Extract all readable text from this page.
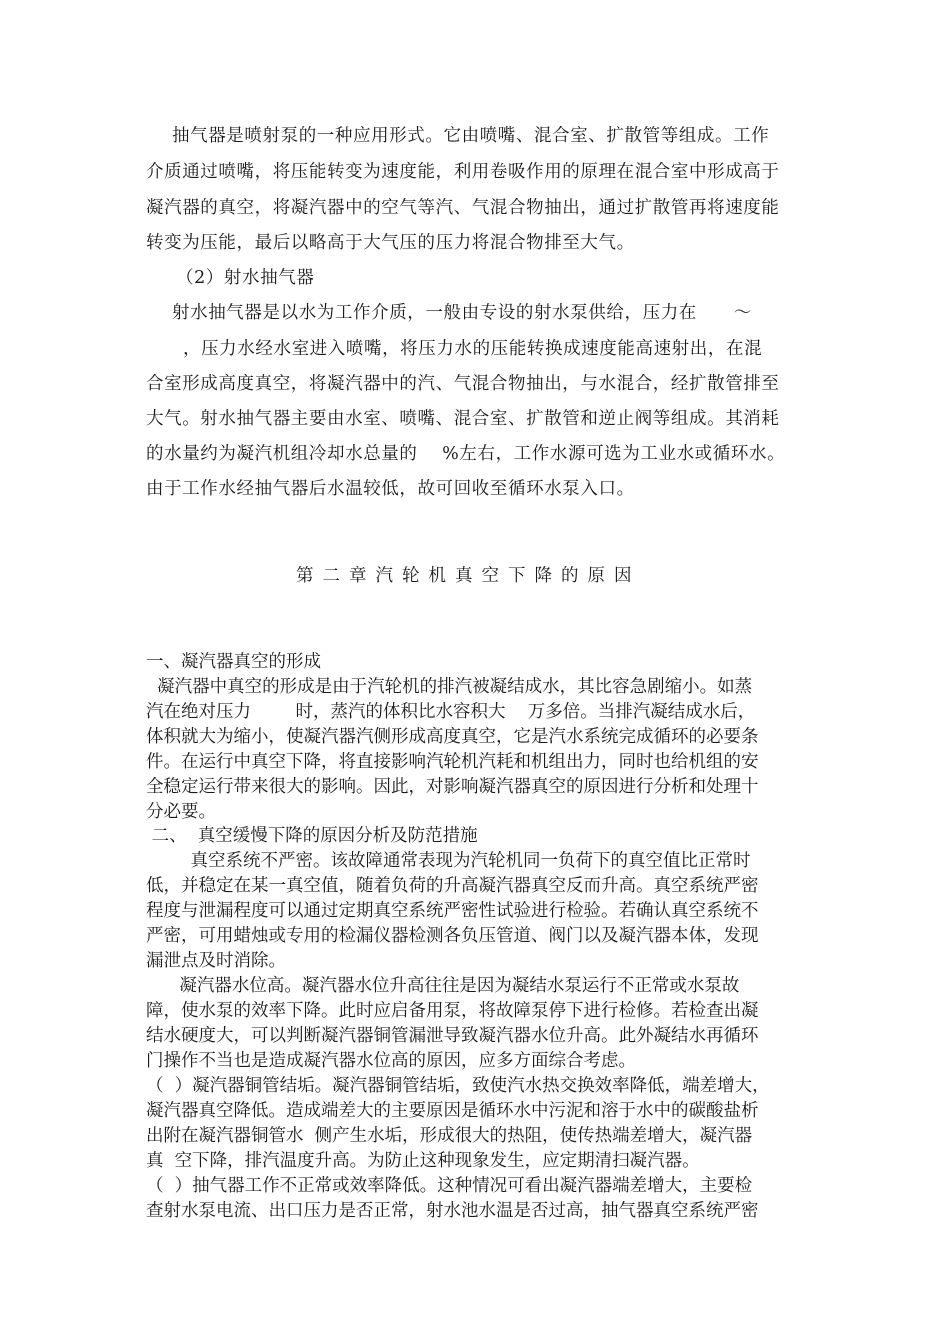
抽气器是喷射泵的一种应用形式。它由喷嘴、混合室、扩散管等组成。工作
介质通过喷嘴，将压能转变为速度能，利用卷吸作用的原理在混合室中形成高于
凝汽器的真空，将凝汽器中的空气等汽、气混合物抽出，通过扩散管再将速度能
转变为压能，最后以略高于大气压的压力将混合物排至大气。
（2）射水抽气器
射水抽气器是以水为工作介质，一般由专设的射水泵供给，压力在      ～
，压力水经水室进入喷嘴，将压力水的压能转换成速度能高速射出，在混
合室形成高度真空，将凝汽器中的汽、气混合物抽出，与水混合，经扩散管排至
大气。射水抽气器主要由水室、喷嘴、混合室、扩散管和逆止阀等组成。其消耗
的水量约为凝汽机组冷却水总量的    %左右，工作水源可选为工业水或循环水。
由于工作水经抽气器后水温较低，故可回收至循环水泵入口。
第二章汽轮机真空下降的原因
一、凝汽器真空的形成
凝汽器中真空的形成是由于汽轮机的排汽被凝结成水，其比容急剧缩小。如蒸
汽在绝对压力        时，蒸汽的体积比水容积大    万多倍。当排汽凝结成水后，
体积就大为缩小，使凝汽器汽侧形成高度真空，它是汽水系统完成循环的必要条
件。在运行中真空下降，将直接影响汽轮机汽耗和机组出力，同时也给机组的安
全稳定运行带来很大的影响。因此，对影响凝汽器真空的原因进行分析和处理十
分必要。
二、  真空缓慢下降的原因分析及防范措施
真空系统不严密。该故障通常表现为汽轮机同一负荷下的真空值比正常时
低，并稳定在某一真空值，随着负荷的升高凝汽器真空反而升高。真空系统严密
程度与泄漏程度可以通过定期真空系统严密性试验进行检验。若确认真空系统不
严密，可用蜡烛或专用的检漏仪器检测各负压管道、阀门以及凝汽器本体，发现
漏泄点及时消除。
凝汽器水位高。凝汽器水位升高往往是因为凝结水泵运行不正常或水泵故
障，使水泵的效率下降。此时应启备用泵，将故障泵停下进行检修。若检查出凝
结水硬度大，可以判断凝汽器铜管漏泄导致凝汽器水位升高。此外凝结水再循环
门操作不当也是造成凝汽器水位高的原因，应多方面综合考虑。
（  ）凝汽器铜管结垢。凝汽器铜管结垢，致使汽水热交换效率降低，端差增大，
凝汽器真空降低。造成端差大的主要原因是循环水中污泥和溶于水中的碳酸盐析
出附在凝汽器铜管水  侧产生水垢，形成很大的热阻，使传热端差增大，凝汽器
真  空下降，排汽温度升高。为防止这种现象发生，应定期清扫凝汽器。
（  ）抽气器工作不正常或效率降低。这种情况可看出凝汽器端差增大，主要检
查射水泵电流、出口压力是否正常，射水池水温是否过高，抽气器真空系统严密
